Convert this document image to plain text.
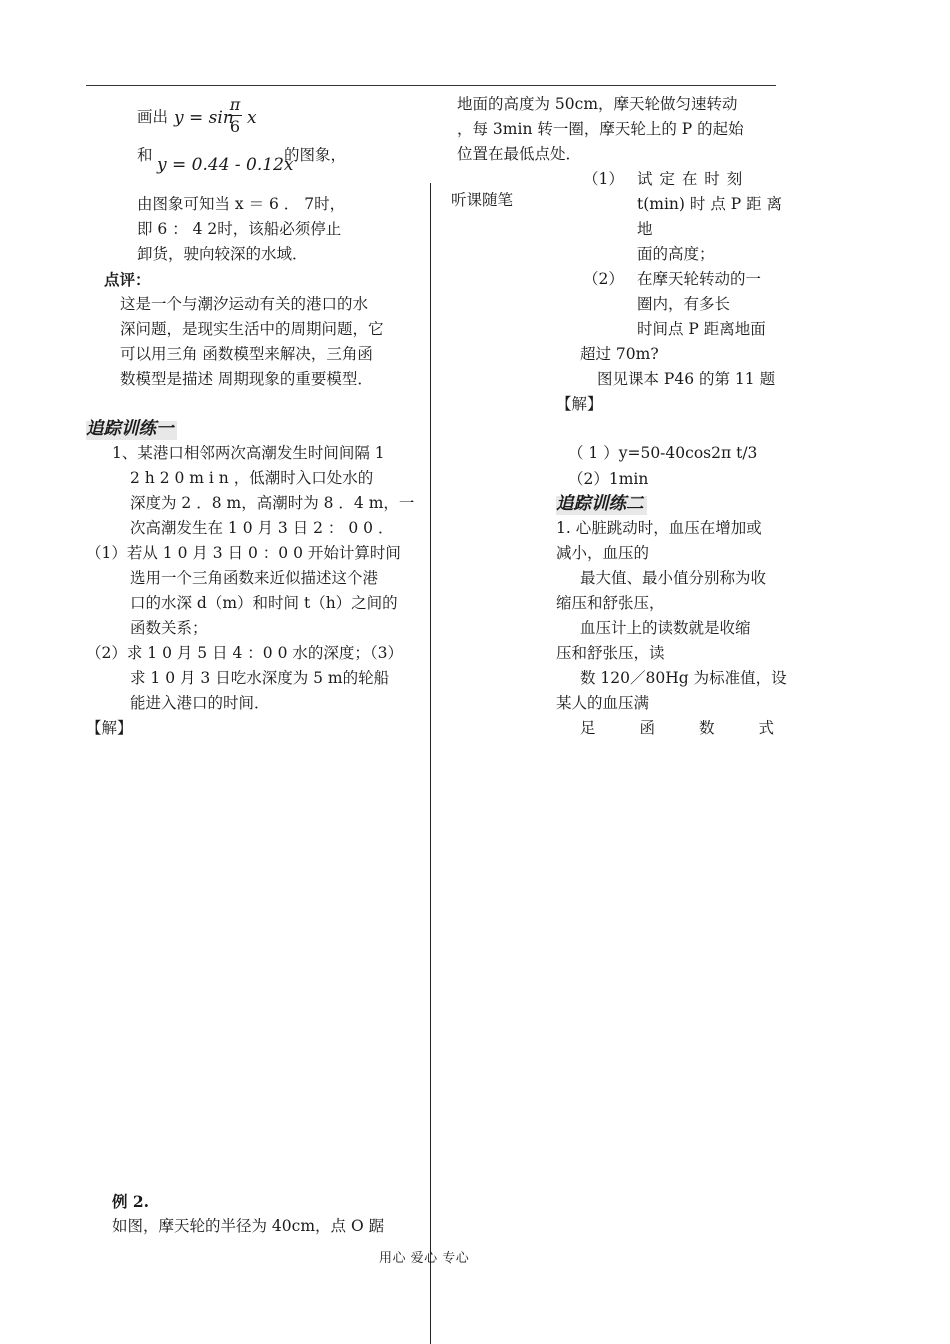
画出 y = sin
π
6 x
和 y = 0.44 - 0.12x
的图象，
由图象可知当 x ＝ 6 ． 7时，
即 6 ： 4 2时，该船必须停止
卸货，驶向较深的水域．
点评：
这是一个与潮汐运动有关的港口的水
深问题，是现实生活中的周期问题，它
可以用三角 函数模型来解决，三角函
数模型是描述 周期现象的重要模型．
追踪训练一
1、某港口相邻两次高潮发生时间间隔 1
2 h 2 0 m i n ，低潮时入口处水的
深度为 2 ．8 m，高潮时为 8 ．4 m，一
次高潮发生在 1 0 月 3 日 2 ： 0 0 ．
（1）若从 1 0 月 3 日 0 ：0 0 开始计算时间
选用一个三角函数来近似描述这个港
口的水深 d（m）和时间 t（h）之间的
函数关系；
（2）求 1 0 月 5 日 4 ：0 0 水的深度；（3）
求 1 0 月 3 日吃水深度为 5 m的轮船
能进入港口的时间．
【解】
例 2.
如图，摩天轮的半径为 40cm，点 O 踞
地面的高度为 50cm，摩天轮做匀速转动
，每 3min 转一圈，摩天轮上的 P 的起始
位置在最低点处．
听课随笔
（1） 试 定 在 时 刻
t(min) 时 点 P 距 离
地
面的高度；
（2） 在摩天轮转动的一
圈内，有多长
时间点 P 距离地面
超过 70m?
图见课本 P46 的第 11 题
【解】
（ 1 ）y=50-40cos2π t/3
（2）1min
追踪训练二
1. 心脏跳动时，血压在增加或
减小，血压的
最大值、最小值分别称为收
缩压和舒张压，
血压计上的读数就是收缩
压和舒张压，读
数 120／80Hg 为标准值，设
某人的血压满
足	函	数	式
用心 爱心 专心
